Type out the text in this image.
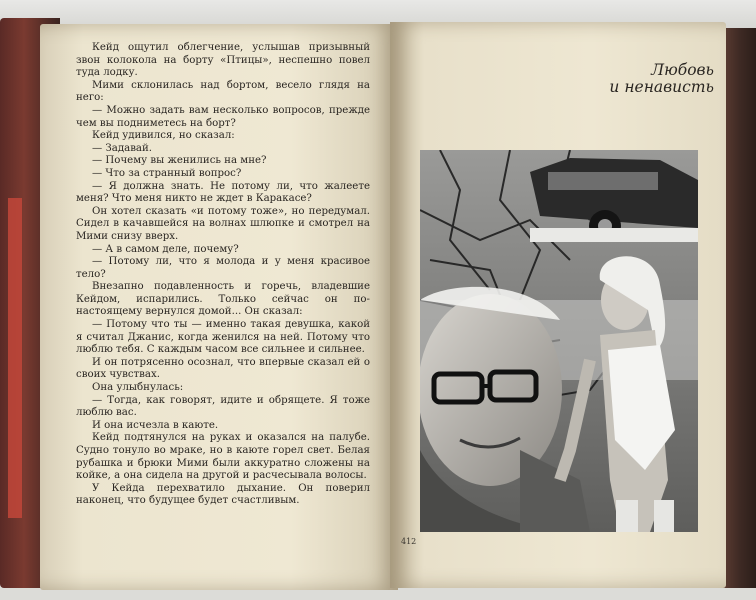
Кейд ощутил облегчение, услышав призывный звон колокола на борту «Птицы», неспешно повел туда лодку.

Мими склонилась над бортом, весело глядя на него:

— Можно задать вам несколько вопросов, прежде чем вы подниметесь на борт?

Кейд удивился, но сказал:

— Задавай.

— Почему вы женились на мне?

— Что за странный вопрос?

— Я должна знать. Не потому ли, что жалеете меня? Что меня никто не ждет в Каракасе?

Он хотел сказать «и потому тоже», но передумал. Сидел в качавшейся на волнах шлюпке и смотрел на Мими снизу вверх.

— А в самом деле, почему?

— Потому ли, что я молода и у меня красивое тело?

Внезапно подавленность и горечь, владевшие Кейдом, испарились. Только сейчас он по-настоящему вернулся домой... Он сказал:

— Потому что ты — именно такая девушка, какой я считал Джанис, когда женился на ней. Потому что люблю тебя. С каждым часом все сильнее и сильнее.

И он потрясенно осознал, что впервые сказал ей о своих чувствах.

Она улыбнулась:

— Тогда, как говорят, идите и обрящете. Я тоже люблю вас.

И она исчезла в каюте.

Кейд подтянулся на руках и оказался на палубе. Судно тонуло во мраке, но в каюте горел свет. Белая рубашка и брюки Мими были аккуратно сложены на койке, а она сидела на другой и расчесывала волосы.

У Кейда перехватило дыхание. Он поверил наконец, что будущее будет счастливым.

Любовь
и ненависть
412
